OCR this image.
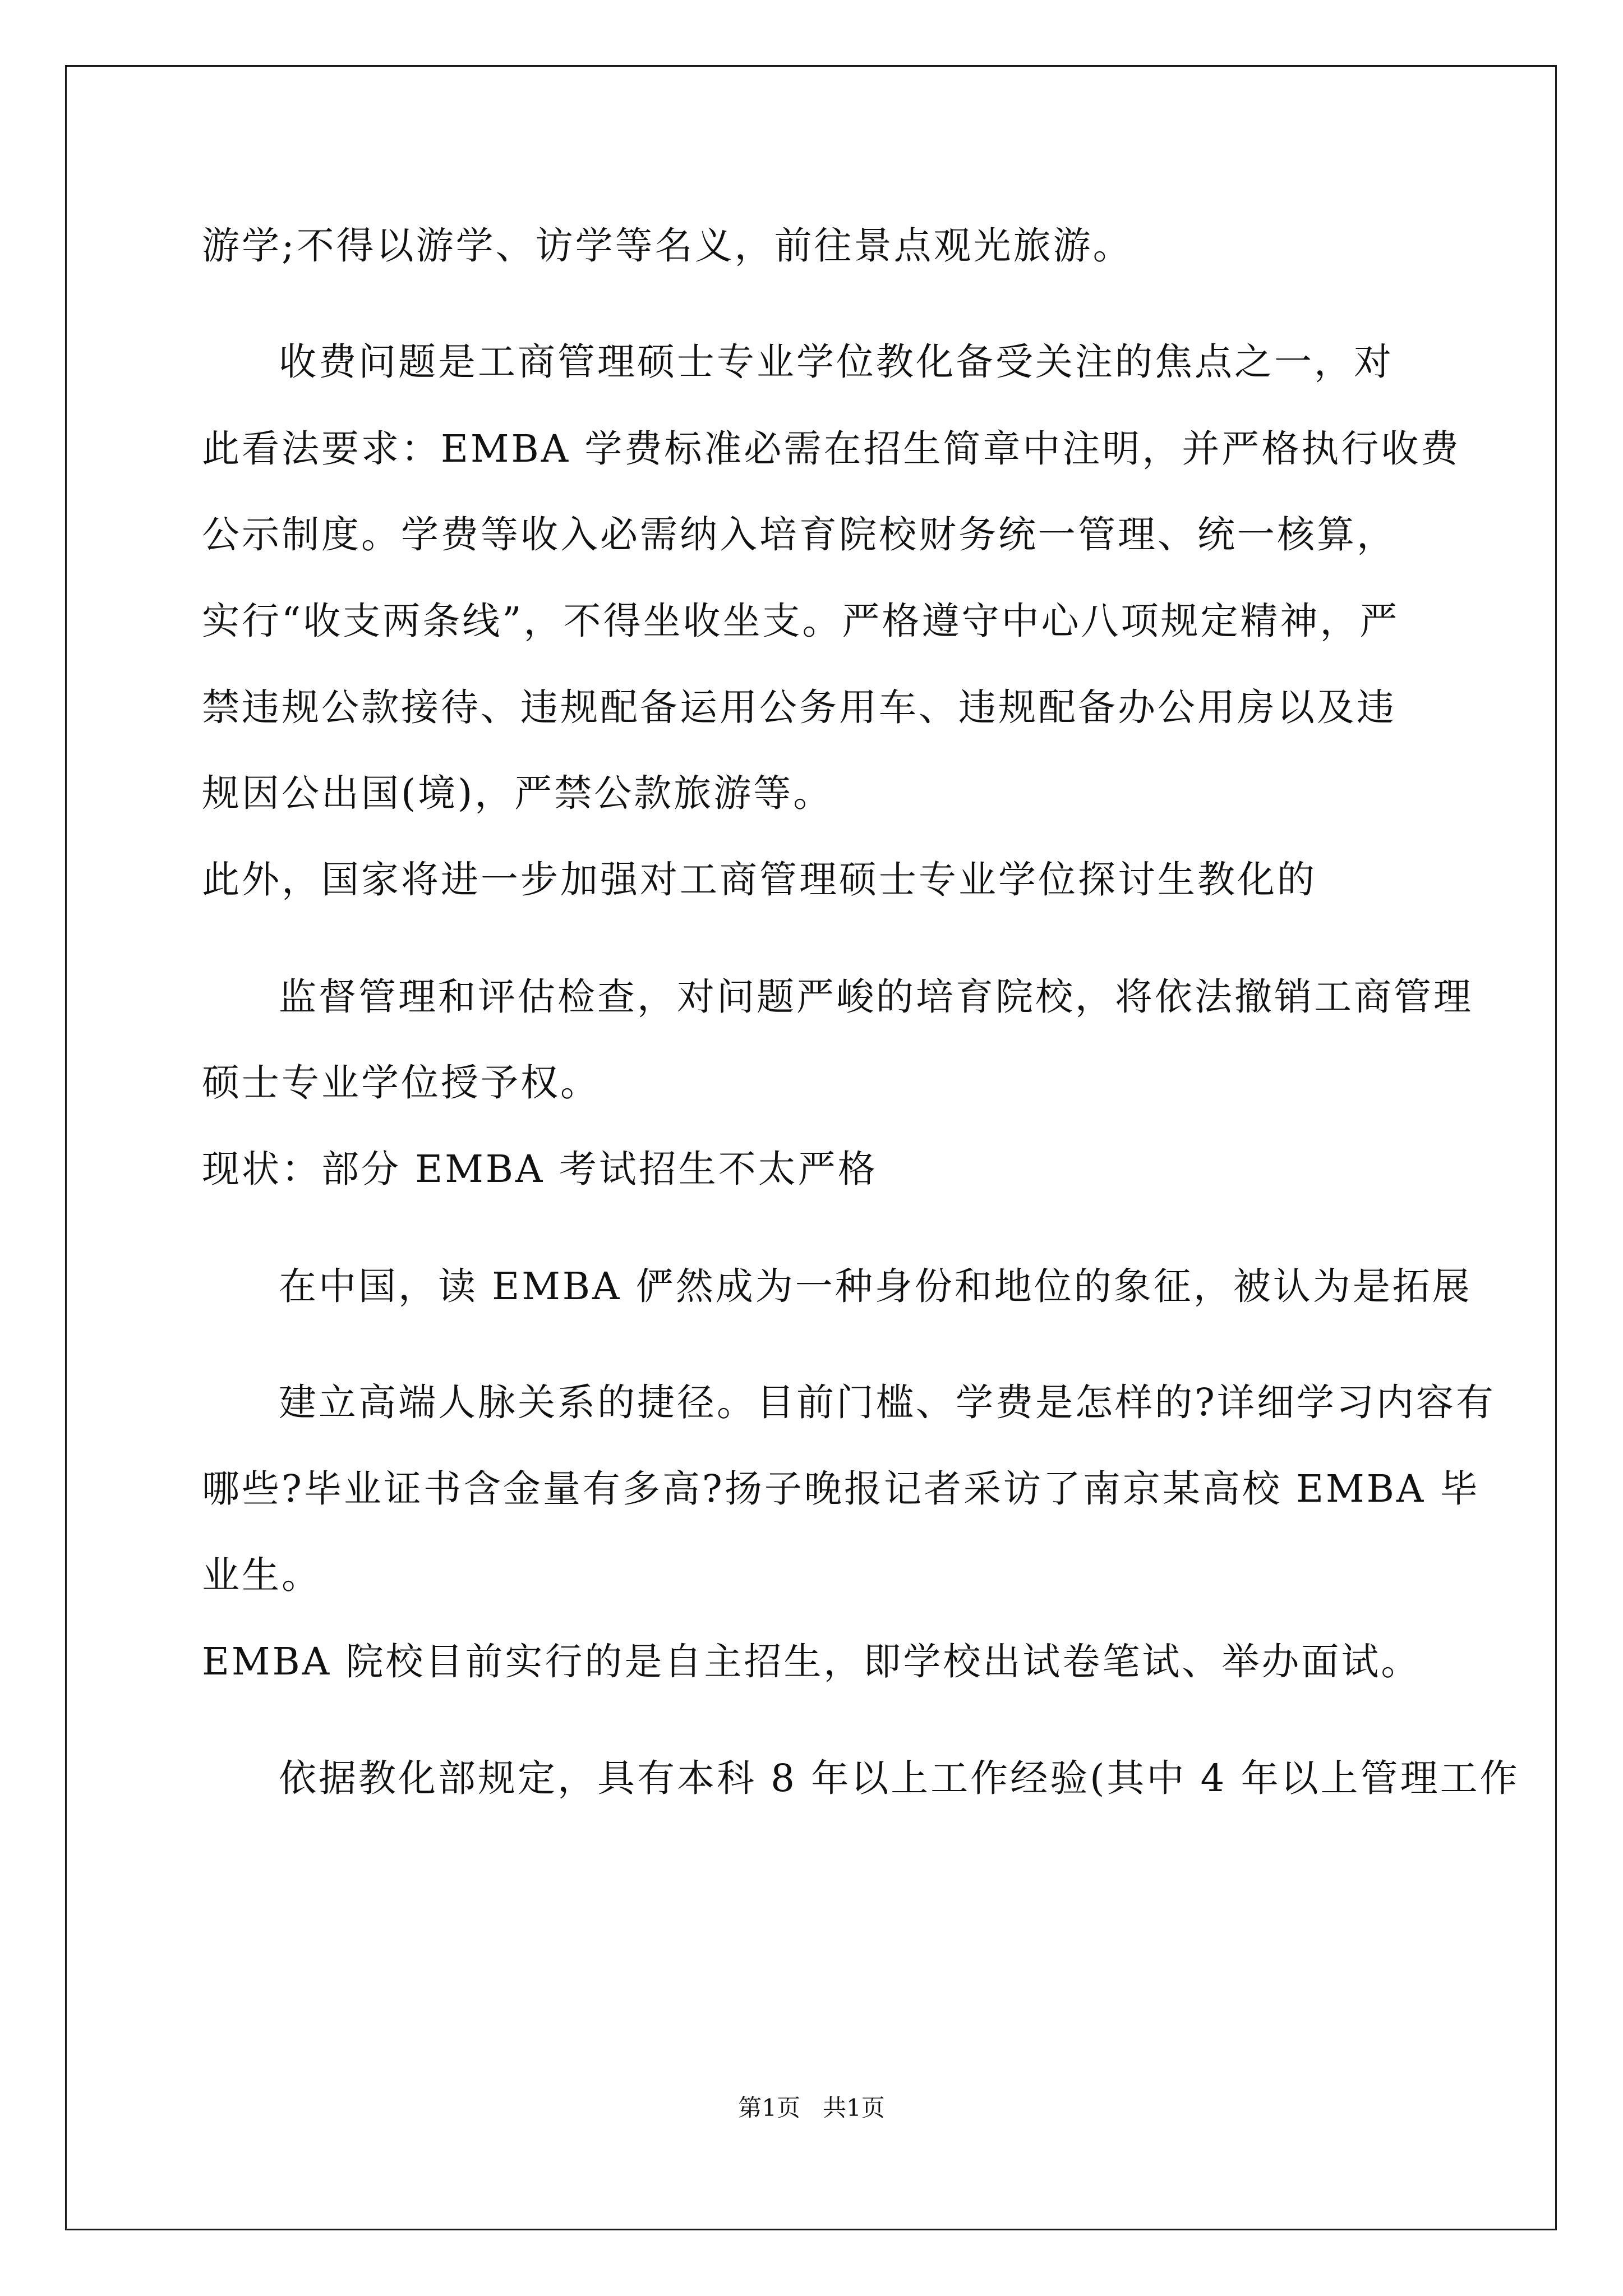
游学;不得以游学、访学等名义，前往景点观光旅游。
收费问题是工商管理硕士专业学位教化备受关注的焦点之一，对
此看法要求：EMBA 学费标准必需在招生简章中注明，并严格执行收费
公示制度。学费等收入必需纳入培育院校财务统一管理、统一核算，
实行“收支两条线”，不得坐收坐支。严格遵守中心八项规定精神，严
禁违规公款接待、违规配备运用公务用车、违规配备办公用房以及违
规因公出国(境)，严禁公款旅游等。
此外，国家将进一步加强对工商管理硕士专业学位探讨生教化的
监督管理和评估检查，对问题严峻的培育院校，将依法撤销工商管理
硕士专业学位授予权。
现状：部分 EMBA 考试招生不太严格
在中国，读 EMBA 俨然成为一种身份和地位的象征，被认为是拓展
建立高端人脉关系的捷径。目前门槛、学费是怎样的?详细学习内容有
哪些?毕业证书含金量有多高?扬子晚报记者采访了南京某高校 EMBA 毕
业生。
EMBA 院校目前实行的是自主招生，即学校出试卷笔试、举办面试。
依据教化部规定，具有本科 8 年以上工作经验(其中 4 年以上管理工作
第1页   共1页
